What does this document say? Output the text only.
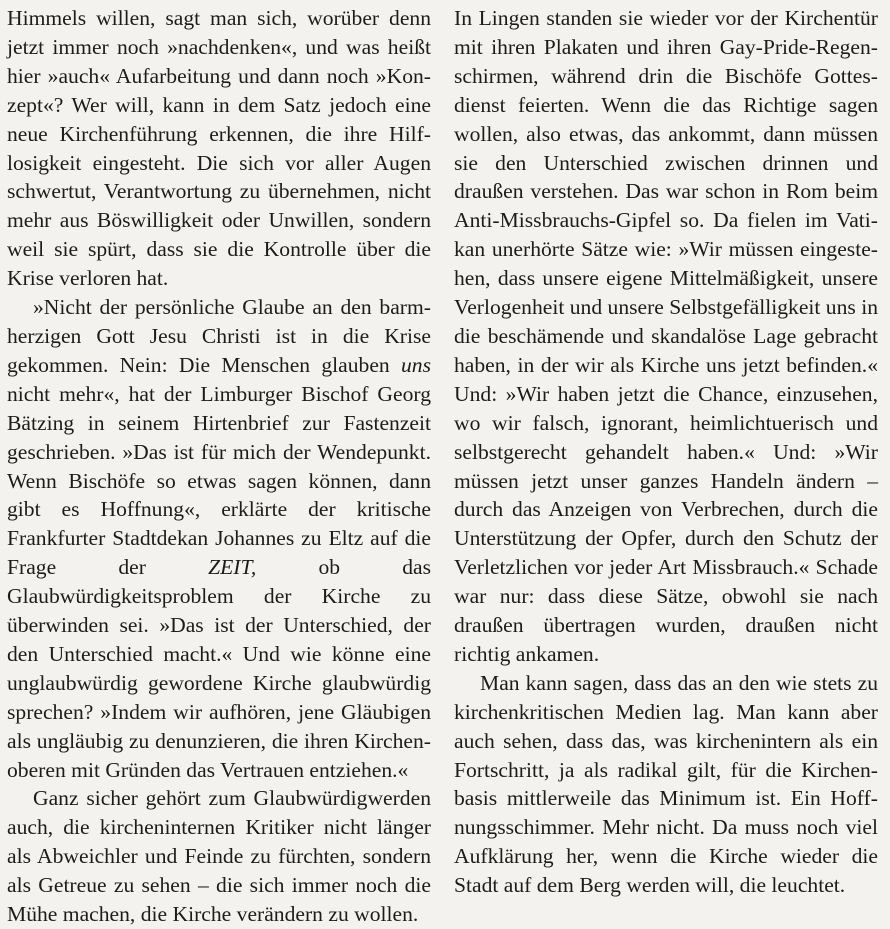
Himmels willen, sagt man sich, worüber denn jetzt immer noch »nachdenken«, und was heißt hier »auch« Aufarbeitung und dann noch »Konzept«? Wer will, kann in dem Satz jedoch eine neue Kirchenführung erkennen, die ihre Hilflosigkeit eingesteht. Die sich vor aller Augen schwertut, Verantwortung zu übernehmen, nicht mehr aus Böswilligkeit oder Unwillen, sondern weil sie spürt, dass sie die Kontrolle über die Krise verloren hat.

»Nicht der persönliche Glaube an den barmherzigen Gott Jesu Christi ist in die Krise gekommen. Nein: Die Menschen glauben uns nicht mehr«, hat der Limburger Bischof Georg Bätzing in seinem Hirtenbrief zur Fastenzeit geschrieben. »Das ist für mich der Wendepunkt. Wenn Bischöfe so etwas sagen können, dann gibt es Hoffnung«, erklärte der kritische Frankfurter Stadtdekan Johannes zu Eltz auf die Frage der ZEIT, ob das Glaubwürdigkeitsproblem der Kirche zu überwinden sei. »Das ist der Unterschied, der den Unterschied macht.« Und wie könne eine unglaubwürdig gewordene Kirche glaubwürdig sprechen? »Indem wir aufhören, jene Gläubigen als ungläubig zu denunzieren, die ihren Kirchenoberen mit Gründen das Vertrauen entziehen.«

Ganz sicher gehört zum Glaubwürdigwerden auch, die kircheninternen Kritiker nicht länger als Abweichler und Feinde zu fürchten, sondern als Getreue zu sehen – die sich immer noch die Mühe machen, die Kirche verändern zu wollen.

In Lingen standen sie wieder vor der Kirchentür mit ihren Plakaten und ihren Gay-Pride-Regenschirmen, während drin die Bischöfe Gottesdienst feierten. Wenn die das Richtige sagen wollen, also etwas, das ankommt, dann müssen sie den Unterschied zwischen drinnen und draußen verstehen. Das war schon in Rom beim Anti-Missbrauchs-Gipfel so. Da fielen im Vatikan unerhörte Sätze wie: »Wir müssen eingestehen, dass unsere eigene Mittelmäßigkeit, unsere Verlogenheit und unsere Selbstgefälligkeit uns in die beschämende und skandalöse Lage gebracht haben, in der wir als Kirche uns jetzt befinden.« Und: »Wir haben jetzt die Chance, einzusehen, wo wir falsch, ignorant, heimlichtuerisch und selbstgerecht gehandelt haben.« Und: »Wir müssen jetzt unser ganzes Handeln ändern – durch das Anzeigen von Verbrechen, durch die Unterstützung der Opfer, durch den Schutz der Verletzlichen vor jeder Art Missbrauch.« Schade war nur: dass diese Sätze, obwohl sie nach draußen übertragen wurden, draußen nicht richtig ankamen.

Man kann sagen, dass das an den wie stets zu kirchenkritischen Medien lag. Man kann aber auch sehen, dass das, was kirchenintern als ein Fortschritt, ja als radikal gilt, für die Kirchenbasis mittlerweile das Minimum ist. Ein Hoffnungsschimmer. Mehr nicht. Da muss noch viel Aufklärung her, wenn die Kirche wieder die Stadt auf dem Berg werden will, die leuchtet.
